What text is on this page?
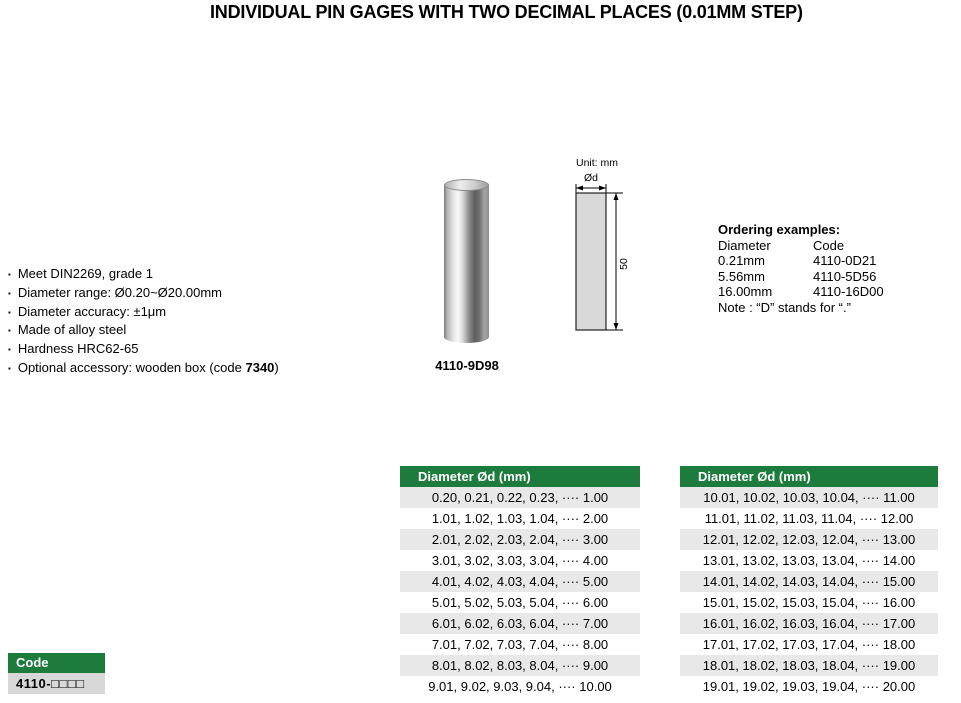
INDIVIDUAL PIN GAGES WITH TWO DECIMAL PLACES (0.01MM STEP)
▪ Meet DIN2269, grade 1
▪ Diameter range: Ø0.20~Ø20.00mm
▪ Diameter accuracy: ±1μm
▪ Made of alloy steel
▪ Hardness HRC62-65
▪ Optional accessory: wooden box (code 7340)	4110-9D98
Unit: mm
Ød
50
Ordering examples:
Diameter	Code
0.21mm	4110-0D21
5.56mm	4110-5D56
16.00mm	4110-16D00
Note : “D” stands for “.”
Code
4110-□□□□
Diameter Ød (mm)
0.20, 0.21, 0.22, 0.23, ···· 1.00
1.01, 1.02, 1.03, 1.04, ···· 2.00
2.01, 2.02, 2.03, 2.04, ···· 3.00
3.01, 3.02, 3.03, 3.04, ···· 4.00
4.01, 4.02, 4.03, 4.04, ···· 5.00
5.01, 5.02, 5.03, 5.04, ···· 6.00
6.01, 6.02, 6.03, 6.04, ···· 7.00
7.01, 7.02, 7.03, 7.04, ···· 8.00
8.01, 8.02, 8.03, 8.04, ···· 9.00
9.01, 9.02, 9.03, 9.04, ···· 10.00
Diameter Ød (mm)
10.01, 10.02, 10.03, 10.04, ···· 11.00
11.01, 11.02, 11.03, 11.04, ···· 12.00
12.01, 12.02, 12.03, 12.04, ···· 13.00
13.01, 13.02, 13.03, 13.04, ···· 14.00
14.01, 14.02, 14.03, 14.04, ···· 15.00
15.01, 15.02, 15.03, 15.04, ···· 16.00
16.01, 16.02, 16.03, 16.04, ···· 17.00
17.01, 17.02, 17.03, 17.04, ···· 18.00
18.01, 18.02, 18.03, 18.04, ···· 19.00
19.01, 19.02, 19.03, 19.04, ···· 20.00
